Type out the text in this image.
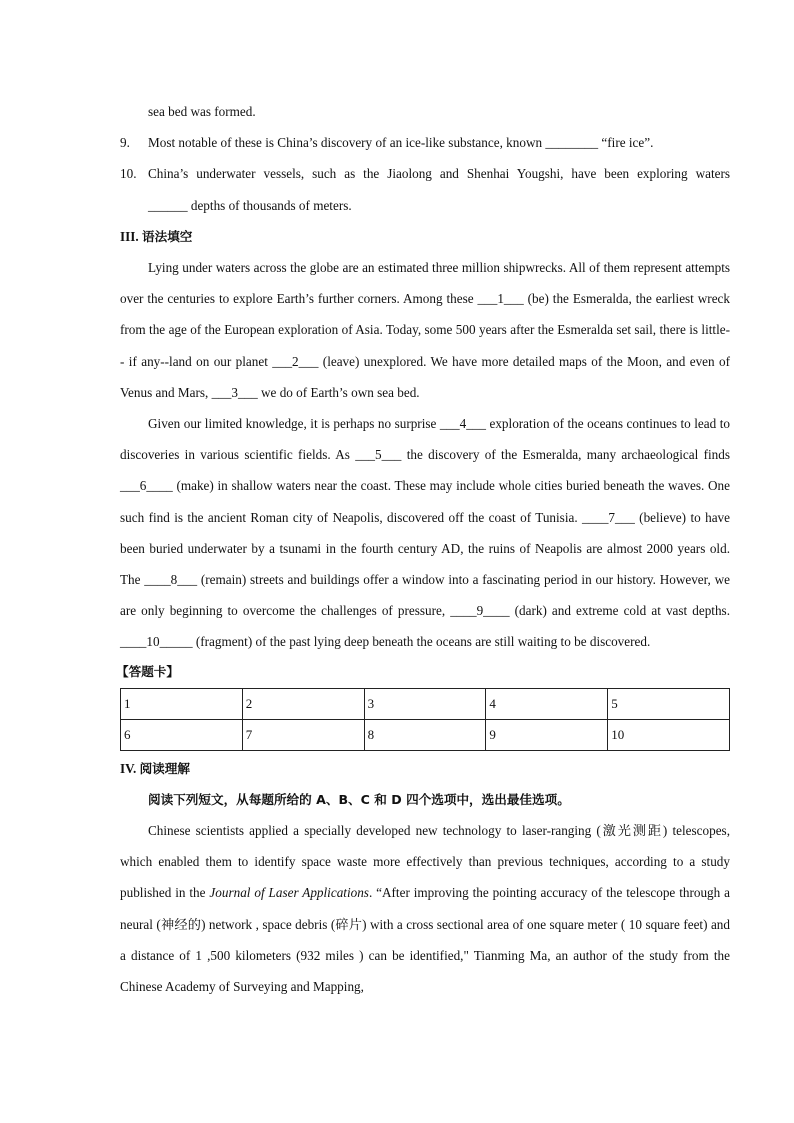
sea bed was formed.

9.	Most notable of these is China’s discovery of an ice-like substance, known ________ “fire ice”.
10. China’s underwater vessels, such as the Jiaolong and Shenhai Yougshi, have been exploring waters

______ depths of thousands of meters.

III. 语法填空

Lying under waters across the globe are an estimated three million shipwrecks. All of them represent attempts over the centuries to explore Earth’s further corners. Among these ___1___ (be) the Esmeralda, the earliest wreck from the age of the European exploration of Asia. Today, some 500 years after the Esmeralda set sail, there is little-- if any--land on our planet ___2___ (leave) unexplored. We have more detailed maps of the Moon, and even of Venus and Mars, ___3___ we do of Earth’s own sea bed.

Given our limited knowledge, it is perhaps no surprise ___4___ exploration of the oceans continues to lead to discoveries in various scientific fields. As ___5___ the discovery of the Esmeralda, many archaeological finds ___6____ (make) in shallow waters near the coast. These may include whole cities buried beneath the waves. One such find is the ancient Roman city of Neapolis, discovered off the coast of Tunisia. ____7___ (believe) to have been buried underwater by a tsunami in the fourth century AD, the ruins of Neapolis are almost 2000 years old. The ____8___ (remain) streets and buildings offer a window into a fascinating period in our history. However, we are only beginning to overcome the challenges of pressure, ____9____ (dark) and extreme cold at vast depths. ____10_____ (fragment) of the past lying deep beneath the oceans are still waiting to be discovered.

【答题卡】

1	2	3	4	5
6	7	8	9	10

IV. 阅读理解

阅读下列短文，从每题所给的 A、B、C 和 D 四个选项中，选出最佳选项。

Chinese scientists applied a specially developed new technology to laser-ranging (激光测距) telescopes, which enabled them to identify space waste more effectively than previous techniques, according to a study published in the Journal of Laser Applications. “After improving the pointing accuracy of the telescope through a neural (神经的) network , space debris (碎片) with a cross sectional area of one square meter ( 10 square feet) and a distance of 1 ,500 kilometers (932 miles ) can be identified," Tianming Ma, an author of the study from the Chinese Academy of Surveying and Mapping,
